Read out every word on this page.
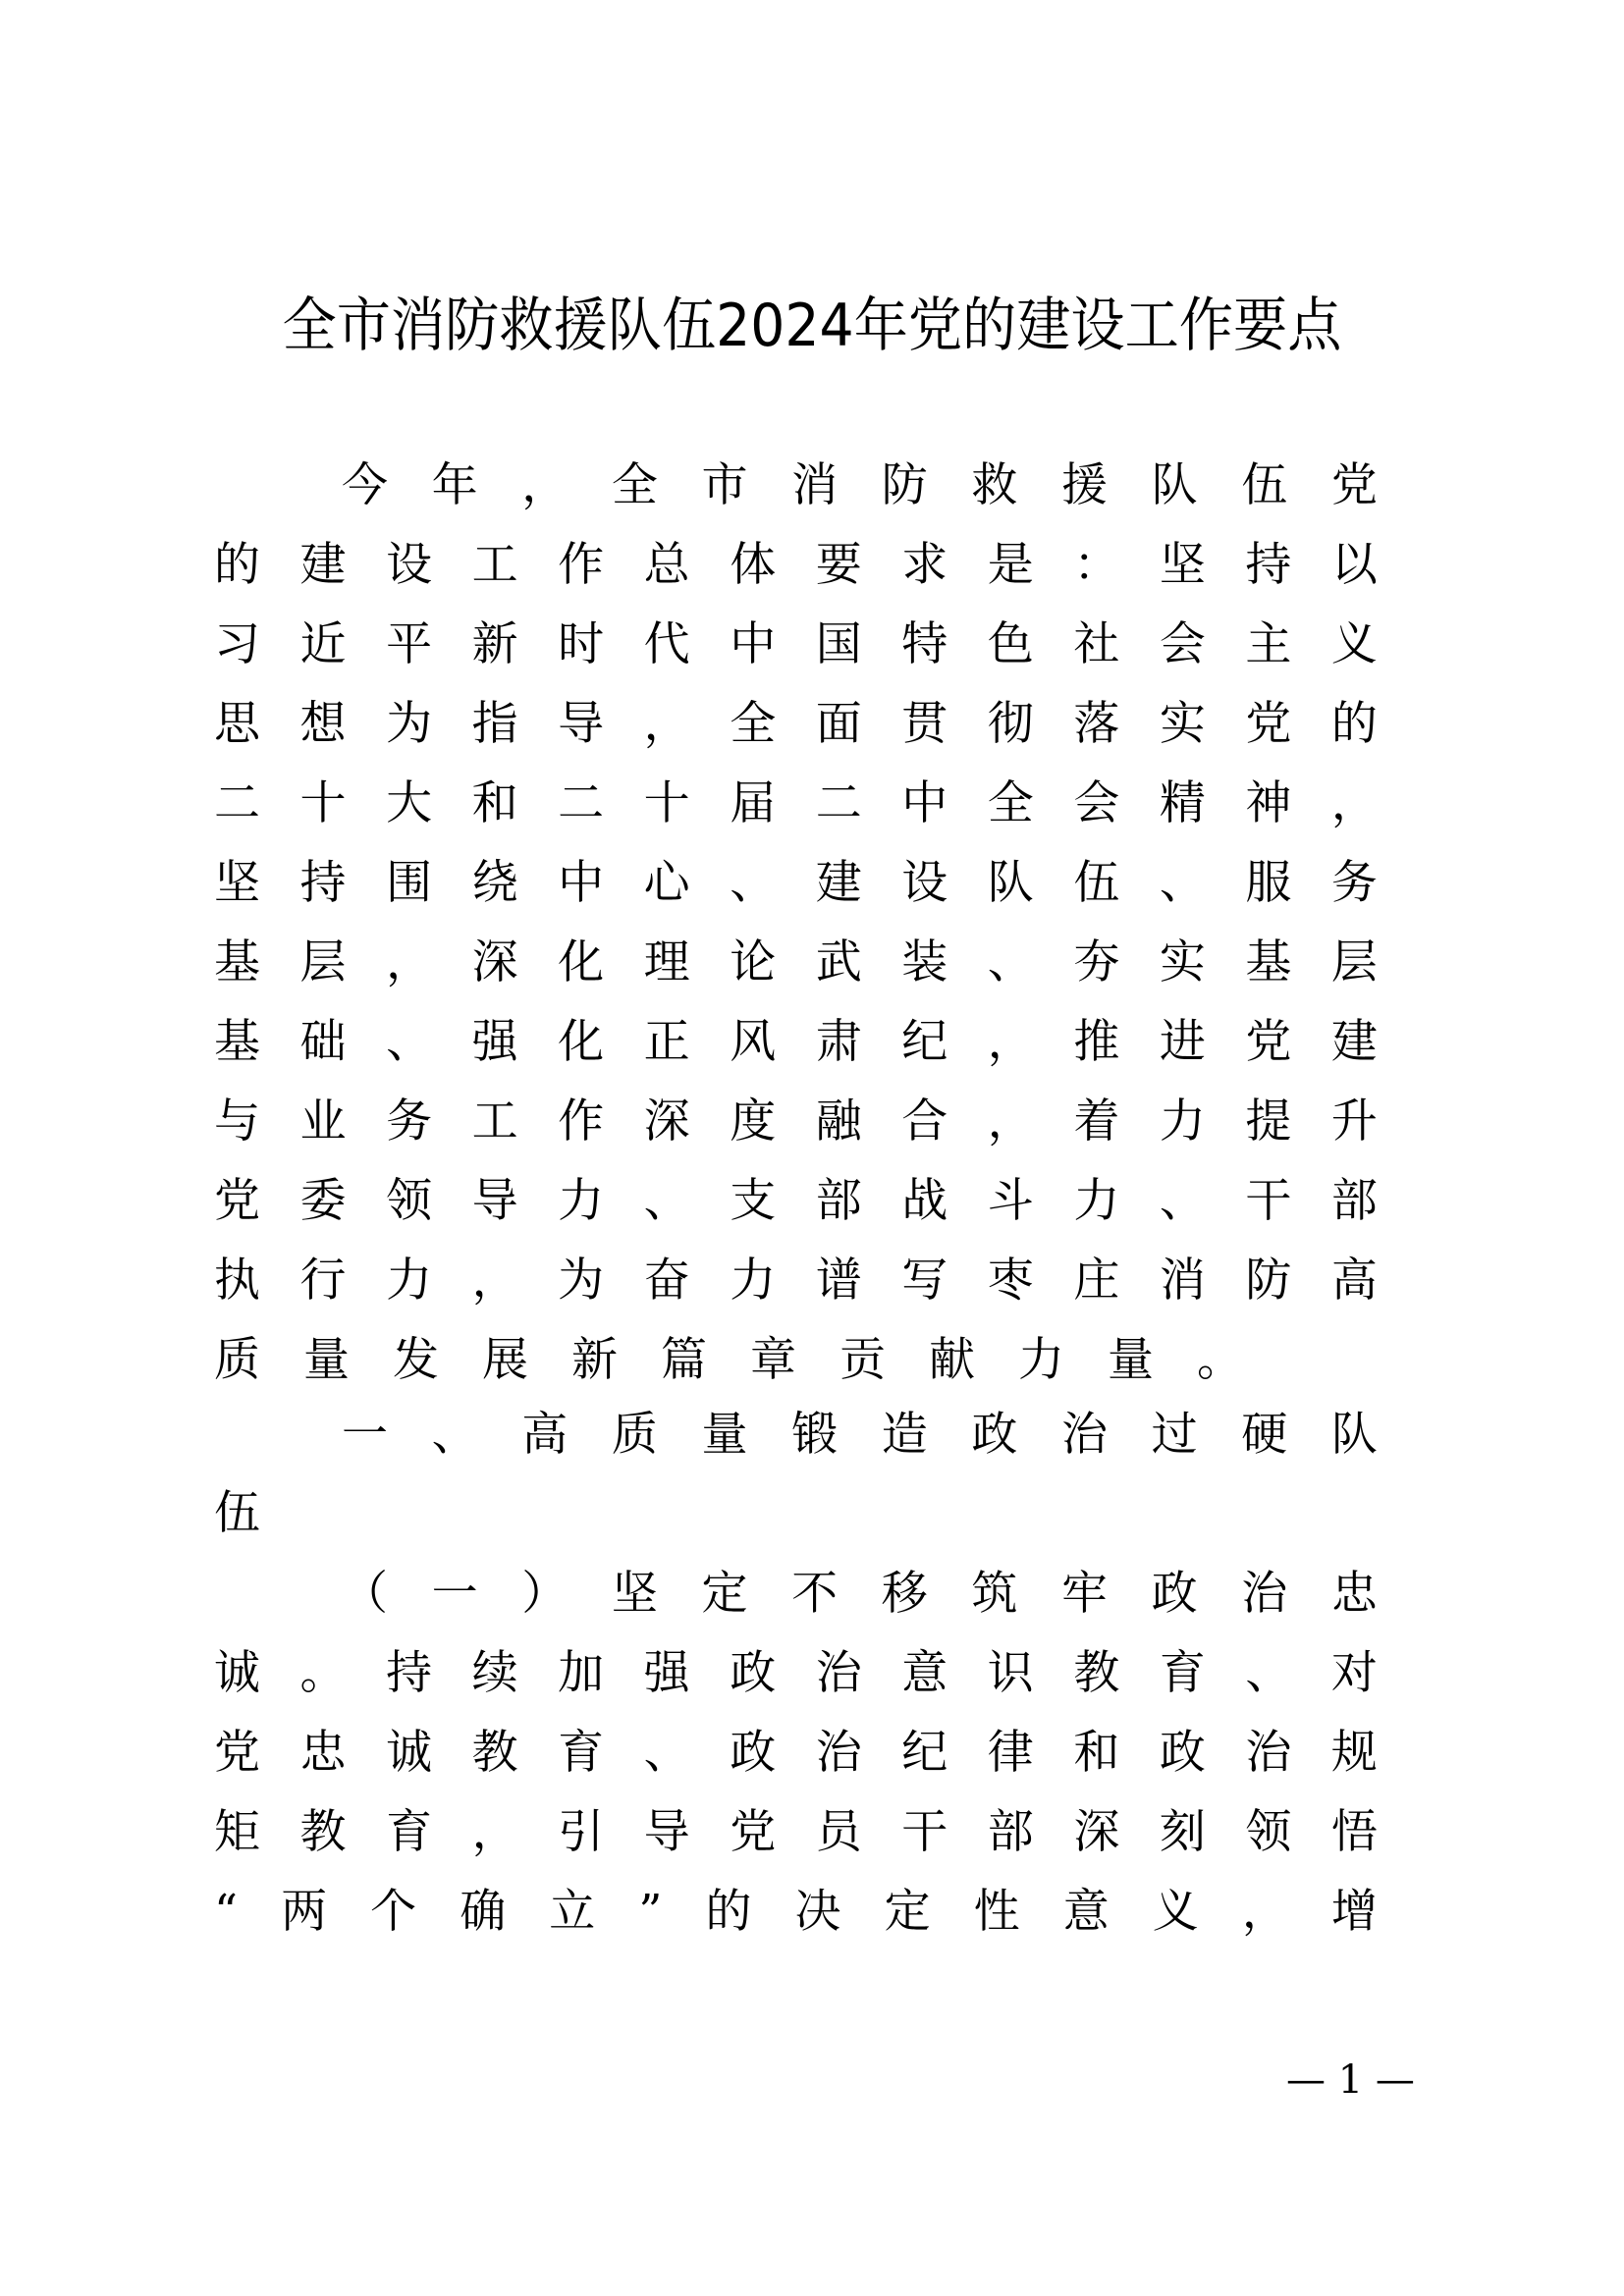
全市消防救援队伍2024年党的建设工作要点
今 年 ， 全 市 消 防 救 援 队 伍 党
的 建 设 工 作 总 体 要 求 是 ： 坚 持 以
习 近 平 新 时 代 中 国 特 色 社 会 主 义
思 想 为 指 导 ， 全 面 贯 彻 落 实 党 的
二 十 大 和 二 十 届 二 中 全 会 精 神 ，
坚 持 围 绕 中 心 、 建 设 队 伍 、 服 务
基 层 ， 深 化 理 论 武 装 、 夯 实 基 层
基 础 、 强 化 正 风 肃 纪 ， 推 进 党 建
与 业 务 工 作 深 度 融 合 ， 着 力 提 升
党 委 领 导 力 、 支 部 战 斗 力 、 干 部
执 行 力 ， 为 奋 力 谱 写 枣 庄 消 防 高
质 量 发 展 新 篇 章 贡 献 力 量 。
一 、 高 质 量 锻 造 政 治 过 硬 队
伍
（ 一 ） 坚 定 不 移 筑 牢 政 治 忠
诚 。 持 续 加 强 政 治 意 识 教 育 、 对
党 忠 诚 教 育 、 政 治 纪 律 和 政 治 规
矩 教 育 ， 引 导 党 员 干 部 深 刻 领 悟
“ 两 个 确 立 ” 的 决 定 性 意 义 ， 增
— 1 —
